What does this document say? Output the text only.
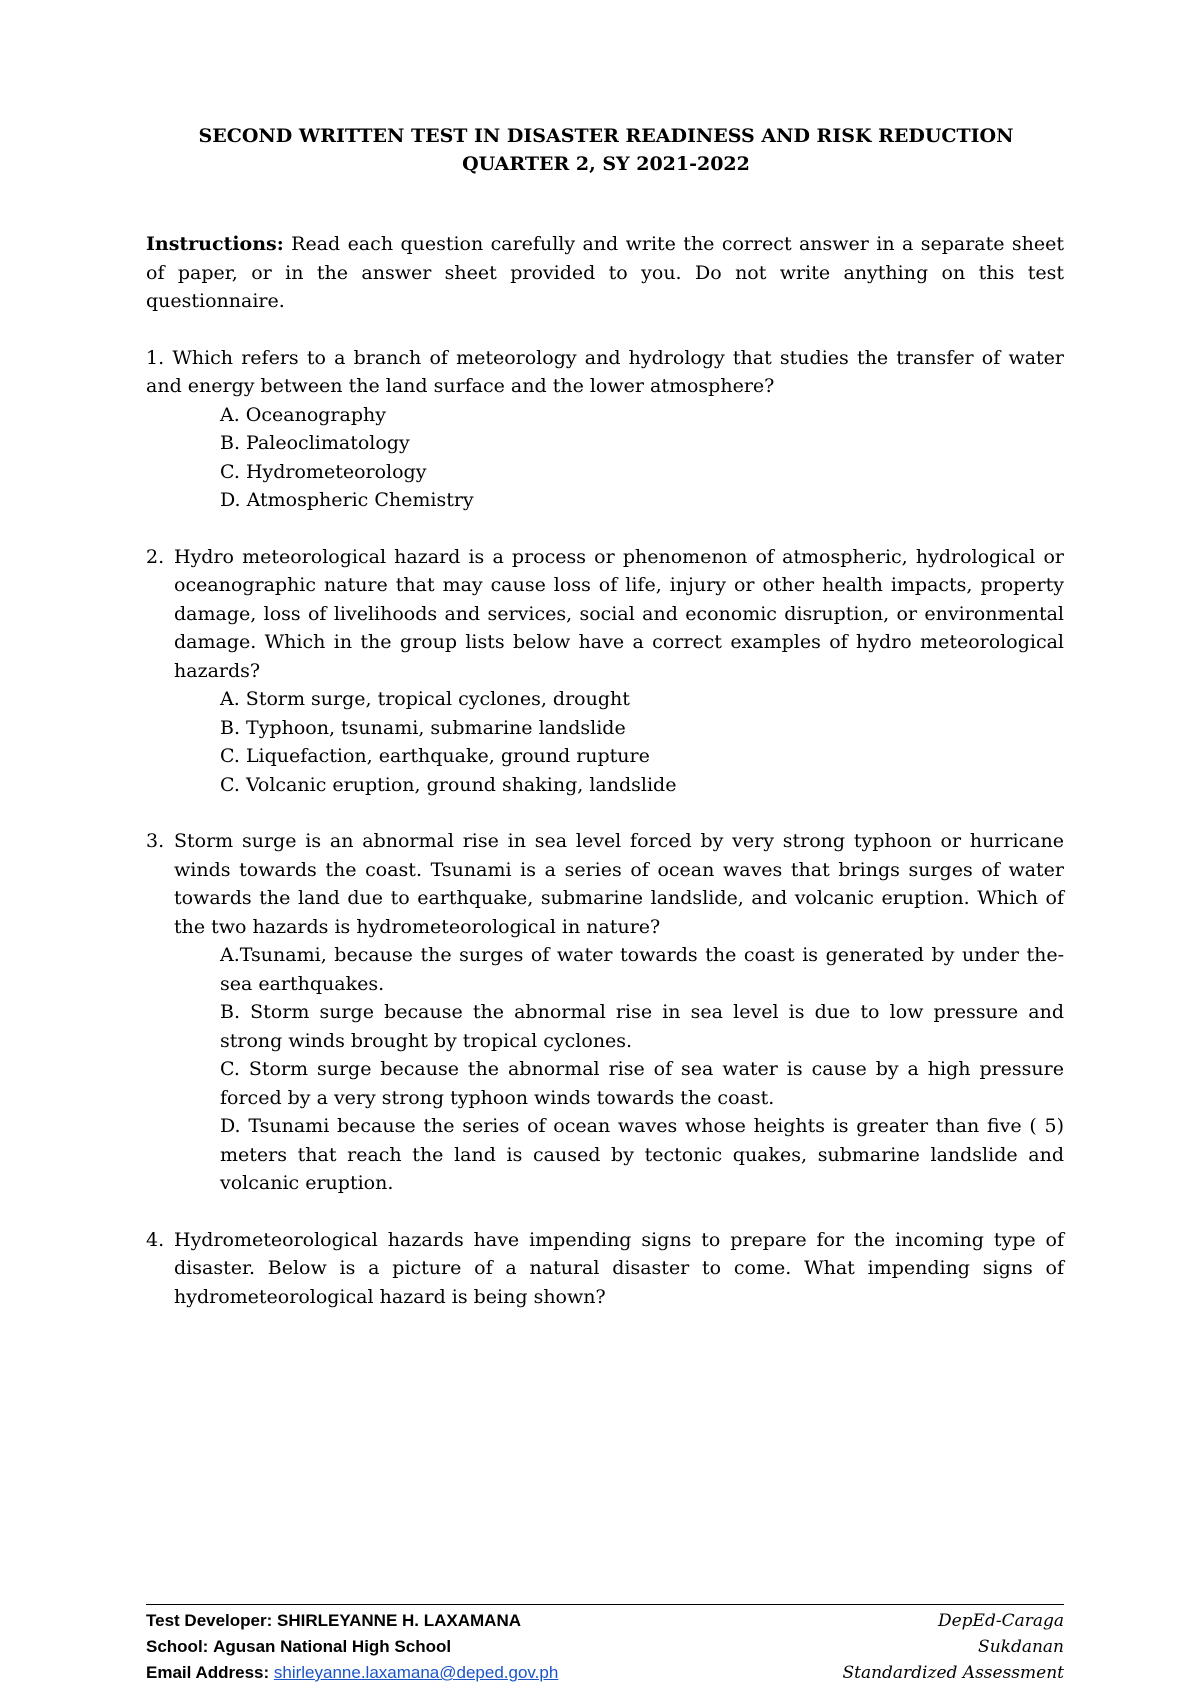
SECOND WRITTEN TEST IN DISASTER READINESS AND RISK REDUCTION
QUARTER 2, SY 2021-2022

Instructions: Read each question carefully and write the correct answer in a separate sheet of paper, or in the answer sheet provided to you. Do not write anything on this test questionnaire.

1. Which refers to a branch of meteorology and hydrology that studies the transfer of water and energy between the land surface and the lower atmosphere?
A. Oceanography
B. Paleoclimatology
C. Hydrometeorology
D. Atmospheric Chemistry
2. Hydro meteorological hazard is a process or phenomenon of atmospheric, hydrological or oceanographic nature that may cause loss of life, injury or other health impacts, property damage, loss of livelihoods and services, social and economic disruption, or environmental damage. Which in the group lists below have a correct examples of hydro meteorological hazards?
A. Storm surge, tropical cyclones, drought
B. Typhoon, tsunami, submarine landslide
C. Liquefaction, earthquake, ground rupture
C. Volcanic eruption, ground shaking, landslide
3. Storm surge is an abnormal rise in sea level forced by very strong typhoon or hurricane winds towards the coast. Tsunami is a series of ocean waves that brings surges of water towards the land due to earthquake, submarine landslide, and volcanic eruption. Which of the two hazards is hydrometeorological in nature?
A.Tsunami, because the surges of water towards the coast is generated by under the-sea earthquakes.
B. Storm surge because the abnormal rise in sea level is due to low pressure and strong winds brought by tropical cyclones.
C. Storm surge because the abnormal rise of sea water is cause by a high pressure forced by a very strong typhoon winds towards the coast.
D. Tsunami because the series of ocean waves whose heights is greater than five ( 5) meters that reach the land is caused by tectonic quakes, submarine landslide and volcanic eruption.
4. Hydrometeorological hazards have impending signs to prepare for the incoming type of disaster. Below is a picture of a natural disaster to come. What impending signs of hydrometeorological hazard is being shown?
Test Developer: SHIRLEYANNE H. LAXAMANA
School: Agusan National High School
Email Address: shirleyanne.laxamana@deped.gov.ph
DepEd-Caraga
Sukdanan
Standardized Assessment
